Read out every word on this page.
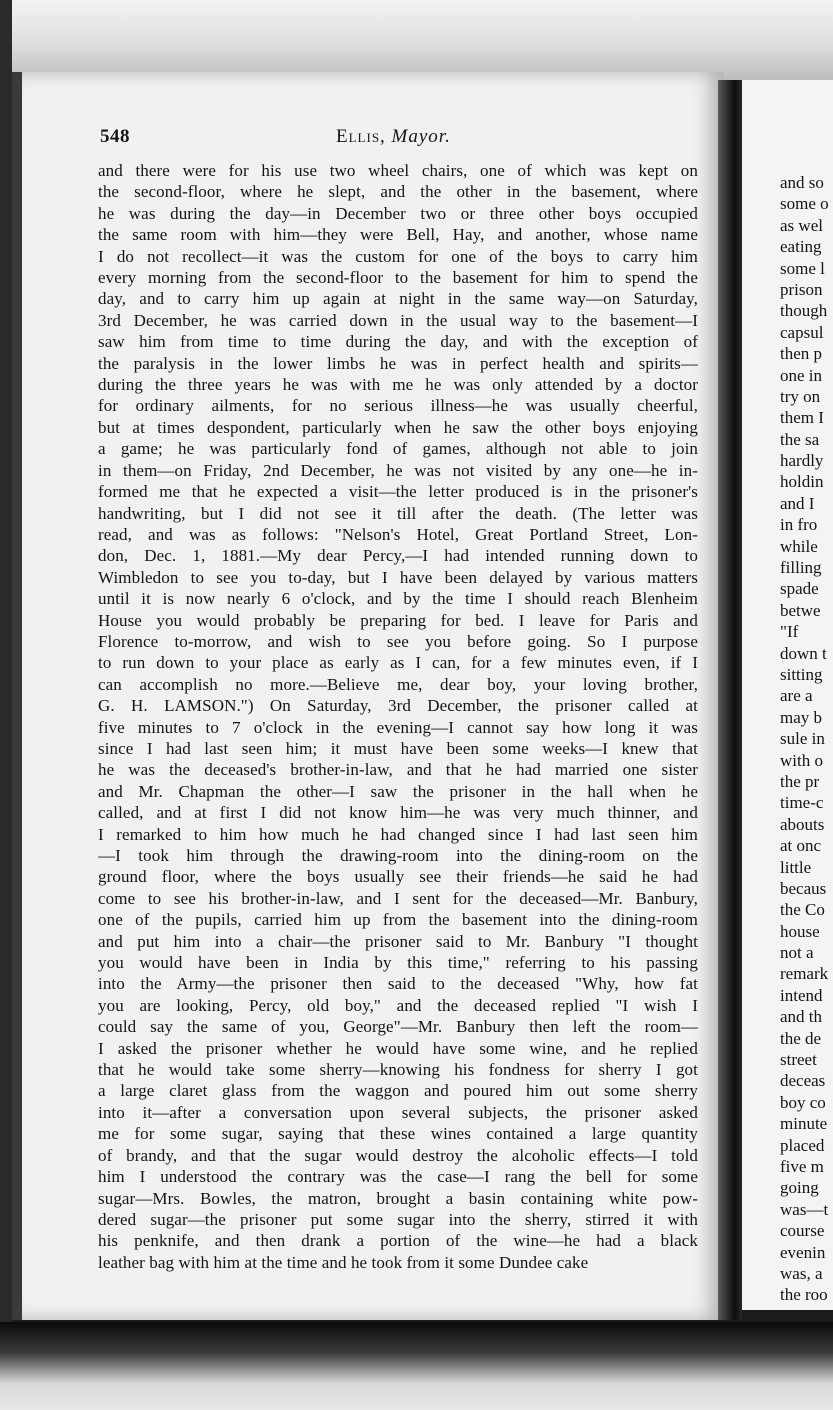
548	Ellis, Mayor.
and there were for his use two wheel chairs, one of which was kept on
the second-floor, where he slept, and the other in the basement, where
he was during the day—in December two or three other boys occupied
the same room with him—they were Bell, Hay, and another, whose name
I do not recollect—it was the custom for one of the boys to carry him
every morning from the second-floor to the basement for him to spend the
day, and to carry him up again at night in the same way—on Saturday,
3rd December, he was carried down in the usual way to the basement—I
saw him from time to time during the day, and with the exception of
the paralysis in the lower limbs he was in perfect health and spirits—
during the three years he was with me he was only attended by a doctor
for ordinary ailments, for no serious illness—he was usually cheerful,
but at times despondent, particularly when he saw the other boys enjoying
a game; he was particularly fond of games, although not able to join
in them—on Friday, 2nd December, he was not visited by any one—he in-
formed me that he expected a visit—the letter produced is in the prisoner's
handwriting, but I did not see it till after the death. (The letter was
read, and was as follows: "Nelson's Hotel, Great Portland Street, Lon-
don, Dec. 1, 1881.—My dear Percy,—I had intended running down to
Wimbledon to see you to-day, but I have been delayed by various matters
until it is now nearly 6 o'clock, and by the time I should reach Blenheim
House you would probably be preparing for bed. I leave for Paris and
Florence to-morrow, and wish to see you before going. So I purpose
to run down to your place as early as I can, for a few minutes even, if I
can accomplish no more.—Believe me, dear boy, your loving brother,
G. H. LAMSON.") On Saturday, 3rd December, the prisoner called at
five minutes to 7 o'clock in the evening—I cannot say how long it was
since I had last seen him; it must have been some weeks—I knew that
he was the deceased's brother-in-law, and that he had married one sister
and Mr. Chapman the other—I saw the prisoner in the hall when he
called, and at first I did not know him—he was very much thinner, and
I remarked to him how much he had changed since I had last seen him
—I took him through the drawing-room into the dining-room on the
ground floor, where the boys usually see their friends—he said he had
come to see his brother-in-law, and I sent for the deceased—Mr. Banbury,
one of the pupils, carried him up from the basement into the dining-room
and put him into a chair—the prisoner said to Mr. Banbury "I thought
you would have been in India by this time," referring to his passing
into the Army—the prisoner then said to the deceased "Why, how fat
you are looking, Percy, old boy," and the deceased replied "I wish I
could say the same of you, George"—Mr. Banbury then left the room—
I asked the prisoner whether he would have some wine, and he replied
that he would take some sherry—knowing his fondness for sherry I got
a large claret glass from the waggon and poured him out some sherry
into it—after a conversation upon several subjects, the prisoner asked
me for some sugar, saying that these wines contained a large quantity
of brandy, and that the sugar would destroy the alcoholic effects—I told
him I understood the contrary was the case—I rang the bell for some
sugar—Mrs. Bowles, the matron, brought a basin containing white pow-
dered sugar—the prisoner put some sugar into the sherry, stirred it with
his penknife, and then drank a portion of the wine—he had a black
leather bag with him at the time and he took from it some Dundee cake
and so
some o
as wel
eating
some l
prison
though
capsul
then p
one in
try on
them I
the sa
hardly
holdin
and I
in fro
while
filling
spade
betwe
"If
down t
sitting
are a
may b
sule in
with o
the pr
time-c
abouts
at onc
little
becaus
the Co
house
not a
remark
intend
and th
the de
street
deceas
boy co
minute
placed
five m
going
was—t
course
evenin
was, a
the roo
